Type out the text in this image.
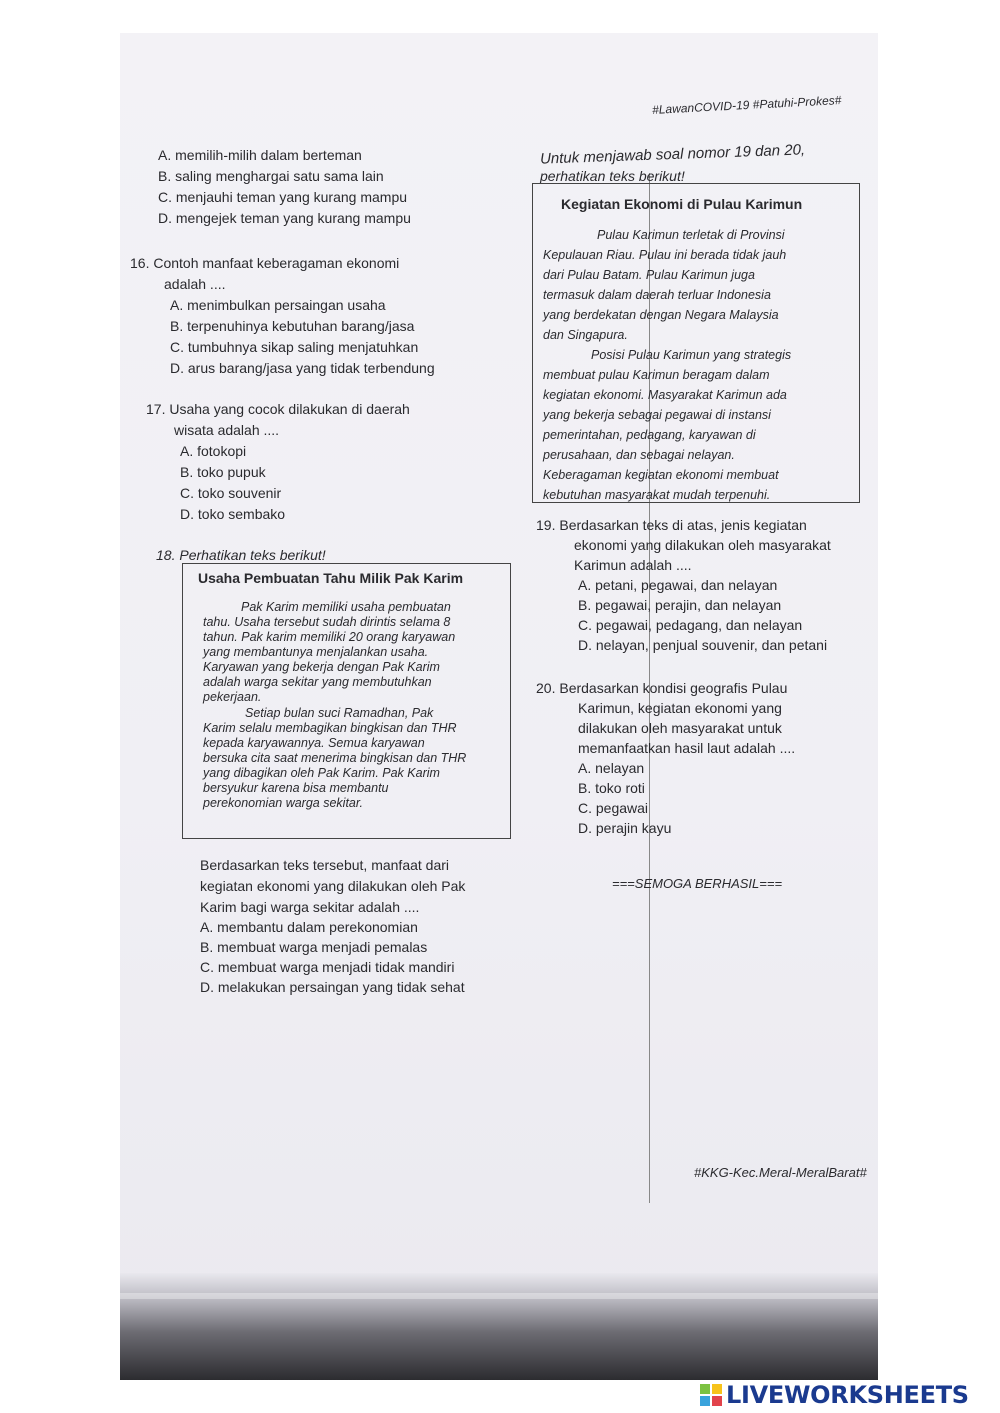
#LawanCOVID-19 #Patuhi-Prokes#
A. memilih-milih dalam berteman
B. saling menghargai satu sama lain
C. menjauhi teman yang kurang mampu
D. mengejek teman yang kurang mampu
16. Contoh manfaat keberagaman ekonomi
adalah ....
A. menimbulkan persaingan usaha
B. terpenuhinya kebutuhan barang/jasa
C. tumbuhnya sikap saling menjatuhkan
D. arus barang/jasa yang tidak terbendung
17. Usaha yang cocok dilakukan di daerah
wisata adalah ....
A. fotokopi
B. toko pupuk
C. toko souvenir
D. toko sembako
18. Perhatikan teks berikut!
Usaha Pembuatan Tahu Milik Pak Karim
Pak Karim memiliki usaha pembuatan
tahu. Usaha tersebut sudah dirintis selama 8
tahun. Pak karim memiliki 20 orang karyawan
yang membantunya menjalankan usaha.
Karyawan yang bekerja dengan Pak Karim
adalah warga sekitar yang membutuhkan
pekerjaan.
Setiap bulan suci Ramadhan, Pak
Karim selalu membagikan bingkisan dan THR
kepada karyawannya. Semua karyawan
bersuka cita saat menerima bingkisan dan THR
yang dibagikan oleh Pak Karim. Pak Karim
bersyukur karena bisa membantu
perekonomian warga sekitar.
Berdasarkan teks tersebut, manfaat dari
kegiatan ekonomi yang dilakukan oleh Pak
Karim bagi warga sekitar adalah ....
A. membantu dalam perekonomian
B. membuat warga menjadi pemalas
C. membuat warga menjadi tidak mandiri
D. melakukan persaingan yang tidak sehat
Untuk menjawab soal nomor 19 dan 20,
perhatikan teks berikut!
Kegiatan Ekonomi di Pulau Karimun
Pulau Karimun terletak di Provinsi
Kepulauan Riau. Pulau ini berada tidak jauh
dari Pulau Batam. Pulau Karimun juga
termasuk dalam daerah terluar Indonesia
yang berdekatan dengan Negara Malaysia
dan Singapura.
Posisi Pulau Karimun yang strategis
membuat pulau Karimun beragam dalam
kegiatan ekonomi. Masyarakat Karimun ada
yang bekerja sebagai pegawai di instansi
pemerintahan, pedagang, karyawan di
perusahaan, dan sebagai nelayan.
Keberagaman kegiatan ekonomi membuat
kebutuhan masyarakat mudah terpenuhi.
19. Berdasarkan teks di atas, jenis kegiatan
ekonomi yang dilakukan oleh masyarakat
Karimun adalah ....
A. petani, pegawai, dan nelayan
B. pegawai, perajin, dan nelayan
C. pegawai, pedagang, dan nelayan
D. nelayan, penjual souvenir, dan petani
20. Berdasarkan kondisi geografis Pulau
Karimun, kegiatan ekonomi yang
dilakukan oleh masyarakat untuk
memanfaatkan hasil laut adalah ....
A. nelayan
B. toko roti
C. pegawai
D. perajin kayu
===SEMOGA BERHASIL===
#KKG-Kec.Meral-MeralBarat#
LIVEWORKSHEETS
